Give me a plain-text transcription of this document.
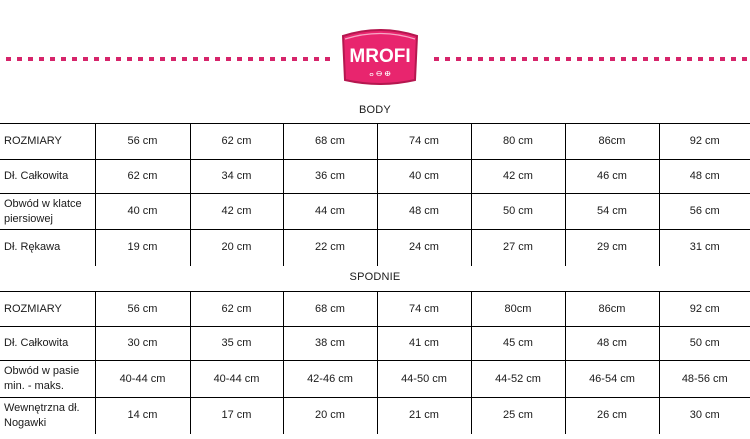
MROFI
ⴰ ⴱ ⴲ
BODY
ROZMIARY	56 cm	62 cm	68 cm	74 cm	80 cm	86cm	92 cm
Dł. Całkowita	62 cm	34 cm	36 cm	40 cm	42 cm	46 cm	48 cm
Obwód w klatce piersiowej	40 cm	42 cm	44 cm	48 cm	50 cm	54 cm	56 cm
Dł. Rękawa	19 cm	20 cm	22 cm	24 cm	27 cm	29 cm	31 cm
SPODNIE
ROZMIARY	56 cm	62 cm	68 cm	74 cm	80cm	86cm	92 cm
Dł. Całkowita	30 cm	35 cm	38 cm	41 cm	45 cm	48 cm	50 cm
Obwód w pasie min. - maks.	40-44 cm	40-44 cm	42-46 cm	44-50 cm	44-52 cm	46-54 cm	48-56 cm
Wewnętrzna dł. Nogawki	14 cm	17 cm	20 cm	21 cm	25 cm	26 cm	30 cm
